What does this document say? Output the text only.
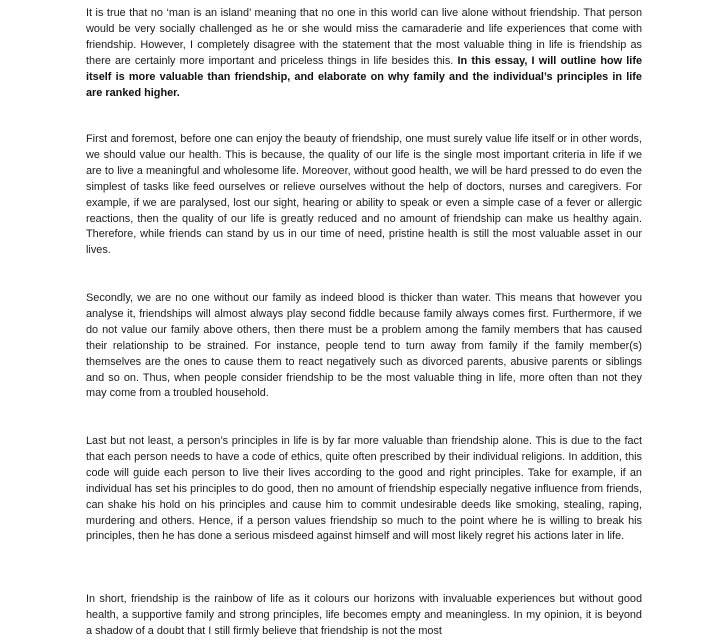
It is true that no ‘man is an island’ meaning that no one in this world can live alone without friendship. That person would be very socially challenged as he or she would miss the camaraderie and life experiences that come with friendship. However, I completely disagree with the statement that the most valuable thing in life is friendship as there are certainly more important and priceless things in life besides this. In this essay, I will outline how life itself is more valuable than friendship, and elaborate on why family and the individual’s principles in life are ranked higher.

First and foremost, before one can enjoy the beauty of friendship, one must surely value life itself or in other words, we should value our health. This is because, the quality of our life is the single most important criteria in life if we are to live a meaningful and wholesome life. Moreover, without good health, we will be hard pressed to do even the simplest of tasks like feed ourselves or relieve ourselves without the help of doctors, nurses and caregivers. For example, if we are paralysed, lost our sight, hearing or ability to speak or even a simple case of a fever or allergic reactions, then the quality of our life is greatly reduced and no amount of friendship can make us healthy again. Therefore, while friends can stand by us in our time of need, pristine health is still the most valuable asset in our lives.

Secondly, we are no one without our family as indeed blood is thicker than water. This means that however you analyse it, friendships will almost always play second fiddle because family always comes first. Furthermore, if we do not value our family above others, then there must be a problem among the family members that has caused their relationship to be strained. For instance, people tend to turn away from family if the family member(s) themselves are the ones to cause them to react negatively such as divorced parents, abusive parents or siblings and so on. Thus, when people consider friendship to be the most valuable thing in life, more often than not they may come from a troubled household.

Last but not least, a person’s principles in life is by far more valuable than friendship alone. This is due to the fact that each person needs to have a code of ethics, quite often prescribed by their individual religions. In addition, this code will guide each person to live their lives according to the good and right principles. Take for example, if an individual has set his principles to do good, then no amount of friendship especially negative influence from friends, can shake his hold on his principles and cause him to commit undesirable deeds like smoking, stealing, raping, murdering and others. Hence, if a person values friendship so much to the point where he is willing to break his principles, then he has done a serious misdeed against himself and will most likely regret his actions later in life.

In short, friendship is the rainbow of life as it colours our horizons with invaluable experiences but without good health, a supportive family and strong principles, life becomes empty and meaningless. In my opinion, it is beyond a shadow of a doubt that I still firmly believe that friendship is not the most
